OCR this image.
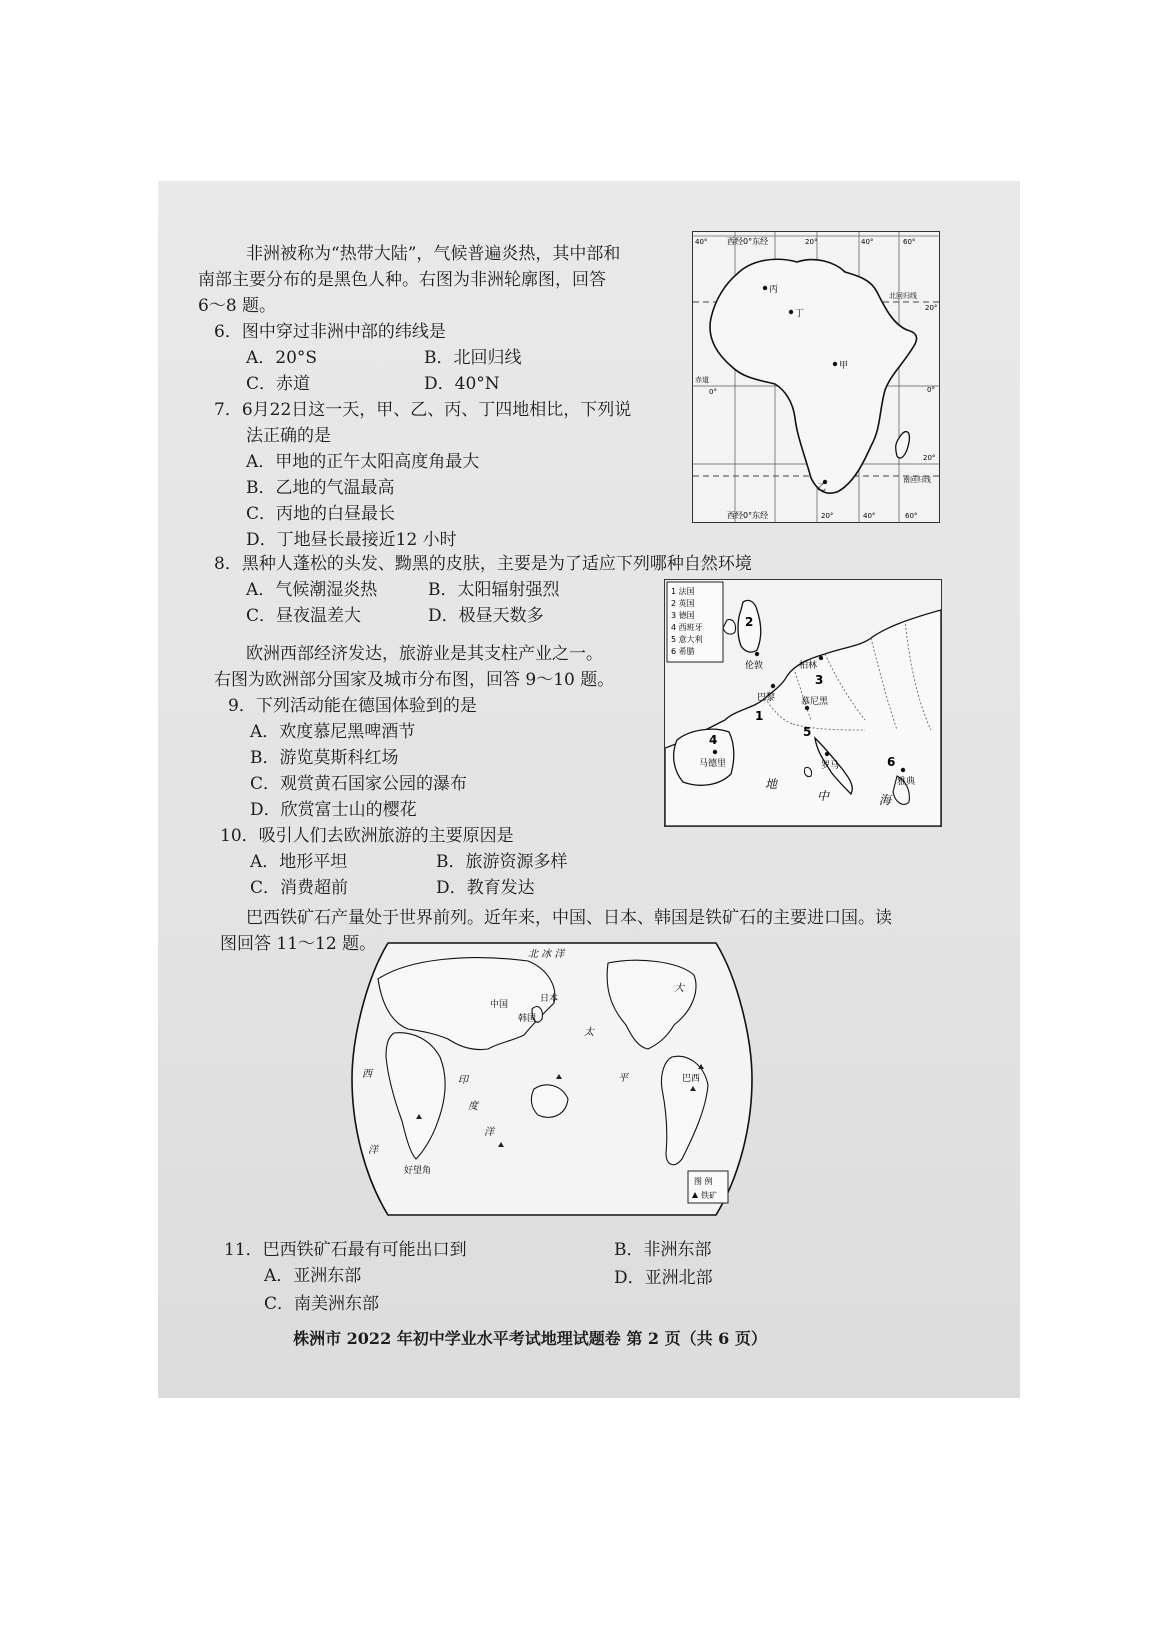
非洲被称为“热带大陆”，气候普遍炎热，其中部和
南部主要分布的是黑色人种。右图为非洲轮廓图，回答
6～8 题。
6．图中穿过非洲中部的纬线是
A．20°S	B．北回归线
C．赤道	D．40°N
7．6月22日这一天，甲、乙、丙、丁四地相比，下列说
法正确的是
A．甲地的正午太阳高度角最大
B．乙地的气温最高
C．丙地的白昼最长
D．丁地昼长最接近12 小时
8．黑种人蓬松的头发、黝黑的皮肤，主要是为了适应下列哪种自然环境
A．气候潮湿炎热	B．太阳辐射强烈
C．昼夜温差大	D．极昼天数多
欧洲西部经济发达，旅游业是其支柱产业之一。
右图为欧洲部分国家及城市分布图，回答 9～10 题。
9．下列活动能在德国体验到的是
A．欢度慕尼黑啤酒节
B．游览莫斯科红场
C．观赏黄石国家公园的瀑布
D．欣赏富士山的樱花
10．吸引人们去欧洲旅游的主要原因是
A．地形平坦	B．旅游资源多样
C．消费超前	D．教育发达
巴西铁矿石产量处于世界前列。近年来，中国、日本、韩国是铁矿石的主要进口国。读
图回答 11～12 题。
11．巴西铁矿石最有可能出口到
A．亚洲东部
B．非洲东部
C．南美洲东部
D．亚洲北部
丙
丁
甲
乙
西经0°东经
西经0°东经
40°	20°	40°	60°
北回归线
20°
赤道
0°	0°
20°
南回归线
20°	40°	60°
1 法国
2 英国
3 德国
4 西班牙
5 意大利
6 希腊
伦敦	柏林
巴黎	慕尼黑
马德里	罗马
雅典
1
2
3
4
5
6
地
中	海
中国
日本
韩国
巴西
好望角
北 冰 洋
大
西
洋
太
平
印
度
洋
图 例
铁矿
株洲市 2022 年初中学业水平考试地理试题卷 第 2 页（共 6 页）
